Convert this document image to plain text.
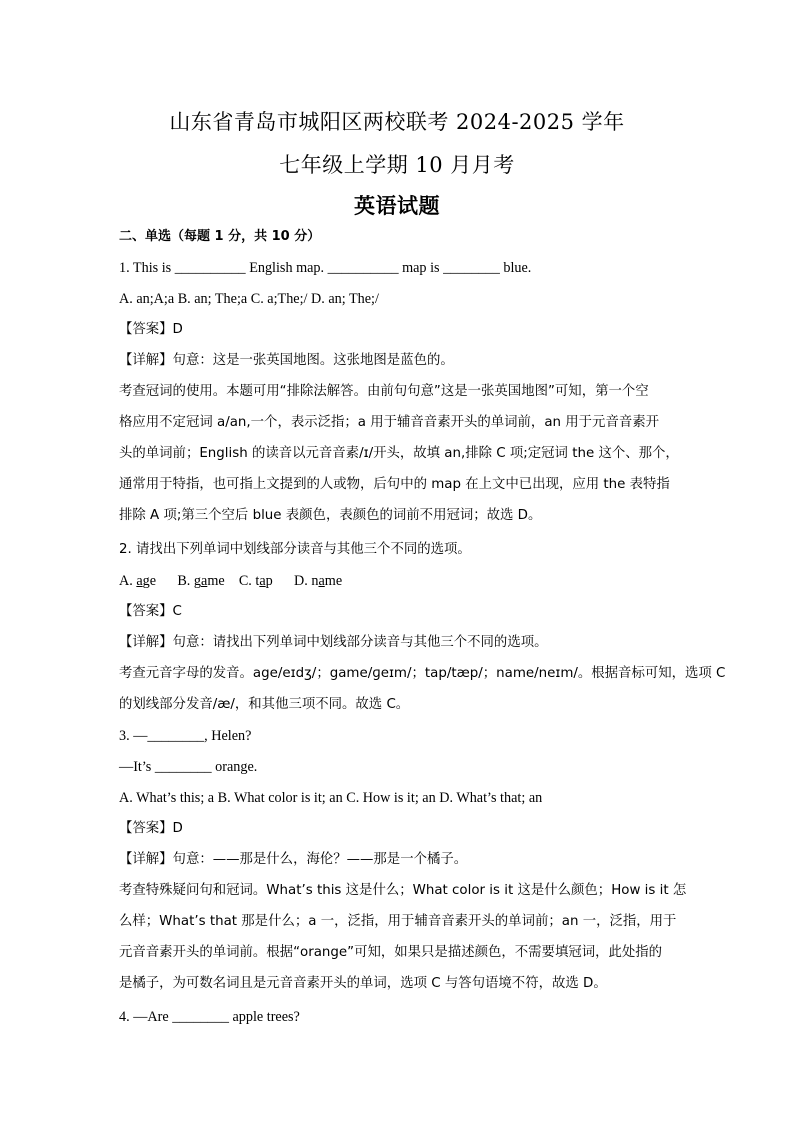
山东省青岛市城阳区两校联考 2024-2025 学年
七年级上学期 10 月月考
英语试题
二、单选（每题 1 分，共 10 分）
1. This is __________ English map. __________ map is ________ blue.
A. an;A;a B. an; The;a C. a;The;/ D. an; The;/
【答案】D
【详解】句意：这是一张英国地图。这张地图是蓝色的。
考查冠词的使用。本题可用“排除法解答。由前句句意”这是一张英国地图”可知，第一个空
格应用不定冠词 a/an,一个，表示泛指；a 用于辅音音素开头的单词前，an 用于元音音素开
头的单词前；English 的读音以元音音素/ɪ/开头，故填 an,排除 C 项;定冠词 the 这个、那个，
通常用于特指，也可指上文提到的人或物，后句中的 map 在上文中已出现，应用 the 表特指
排除 A 项;第三个空后 blue 表颜色，表颜色的词前不用冠词；故选 D。
2. 请找出下列单词中划线部分读音与其他三个不同的选项。
A. age B. game C. tap D. name
【答案】C
【详解】句意：请找出下列单词中划线部分读音与其他三个不同的选项。
考查元音字母的发音。age/eɪdʒ/；game/ɡeɪm/；tap/tæp/；name/neɪm/。根据音标可知，选项 C
的划线部分发音/æ/，和其他三项不同。故选 C。
3. —________, Helen?
—It’s ________ orange.
A. What’s this; a B. What color is it; an C. How is it; an D. What’s that; an
【答案】D
【详解】句意：——那是什么，海伦？——那是一个橘子。
考查特殊疑问句和冠词。What’s this 这是什么；What color is it 这是什么颜色；How is it 怎
么样；What’s that 那是什么；a 一，泛指，用于辅音音素开头的单词前；an 一，泛指，用于
元音音素开头的单词前。根据“orange”可知，如果只是描述颜色，不需要填冠词，此处指的
是橘子，为可数名词且是元音音素开头的单词，选项 C 与答句语境不符，故选 D。
4. —Are ________ apple trees?
